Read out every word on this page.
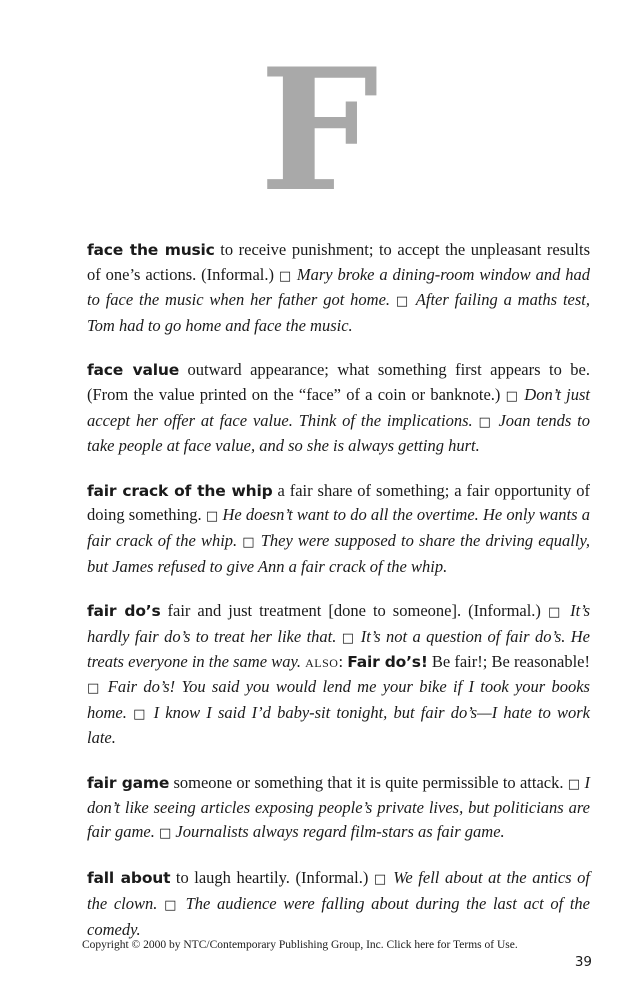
F

face the music to receive punishment; to accept the unpleasant results of one’s actions. (Informal.) □ Mary broke a dining-room window and had to face the music when her father got home. □ After failing a maths test, Tom had to go home and face the music.

face value outward appearance; what something first appears to be. (From the value printed on the “face” of a coin or banknote.) □ Don’t just accept her offer at face value. Think of the implications. □ Joan tends to take people at face value, and so she is always getting hurt.

fair crack of the whip a fair share of something; a fair opportunity of doing something. □ He doesn’t want to do all the overtime. He only wants a fair crack of the whip. □ They were supposed to share the driving equally, but James refused to give Ann a fair crack of the whip.

fair do’s fair and just treatment [done to someone]. (Informal.) □ It’s hardly fair do’s to treat her like that. □ It’s not a question of fair do’s. He treats everyone in the same way. also: Fair do’s! Be fair!; Be reasonable! □ Fair do’s! You said you would lend me your bike if I took your books home. □ I know I said I’d baby-sit tonight, but fair do’s—I hate to work late.

fair game someone or something that it is quite permissible to attack. □ I don’t like seeing articles exposing people’s private lives, but politicians are fair game. □ Journalists always regard film-stars as fair game.

fall about to laugh heartily. (Informal.) □ We fell about at the antics of the clown. □ The audience were falling about during the last act of the comedy.

Copyright © 2000 by NTC/Contemporary Publishing Group, Inc. Click here for Terms of Use.
39
